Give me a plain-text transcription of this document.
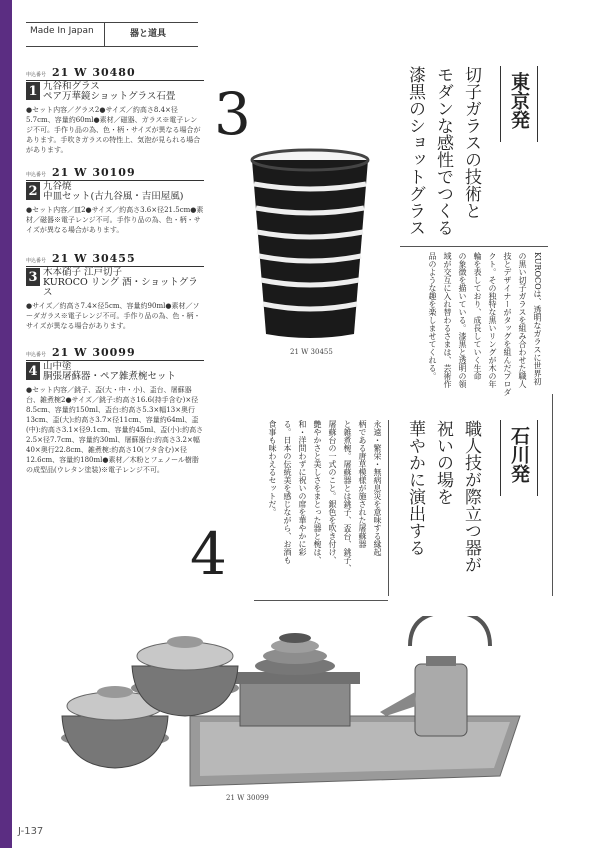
Made In Japan	器と道具
申込番号 21 W 30480
1 九谷和グラス
ペア万華鏡ショットグラス石畳
●セット内容／グラス2●サイズ／約高さ8.4×径5.7cm、容量約60ml●素材／磁器、ガラス※電子レンジ不可。手作り品の為、色・柄・サイズが異なる場合があります。手吹きガラスの特性上、気泡が見られる場合があります。
申込番号 21 W 30109
2 九谷焼
中皿セット(古九谷風・吉田屋風)
●セット内容／皿2●サイズ／約高さ3.6×径21.5cm●素材／磁器※電子レンジ不可。手作り品の為、色・柄・サイズが異なる場合があります。
申込番号 21 W 30455
3 木本硝子 江戸切子
KUROCO リング 酒・ショットグラス
●サイズ／約高さ7.4×径5cm、容量約90ml●素材／ソーダガラス※電子レンジ不可。手作り品の為、色・柄・サイズが異なる場合があります。
申込番号 21 W 30099
4 山中塗
胴張屠蘇器・ペア雑煮椀セット
●セット内容／銚子、盃(大・中・小)、盃台、屠蘇器台、雑煮椀2●サイズ／銚子:約高さ16.6(持手含む)×径8.5cm、容量約150ml、盃台:約高さ5.3×幅13×奥行13cm、盃(大):約高さ3.7×径11cm、容量約64ml、盃(中):約高さ3.1×径9.1cm、容量約45ml、盃(小):約高さ2.5×径7.7cm、容量約30ml、屠蘇器台:約高さ3.2×幅40×奥行22.8cm、雑煮椀:約高さ10(フタ含む)×径12.6cm、容量約180ml●素材／木粉とフェノール樹脂の成型品(ウレタン塗装)※電子レンジ不可。
3	東京発
切子ガラスの技術と
モダンな感性でつくる
漆黒のショットグラス
KUROCOは、透明なガラスに世界初
の黒い切子ガラスを組み合わせた職人
技とデザイナーがタッグを組んだプロダ
クト。その独特な黒いリングが木の年
輪を表しており、成長していく生命
の象徴を描いている。漆黒と透明の領
域が交互に入れ替わるさまは、芸術作
品のような趣を楽しませてくれる。
21 W 30455
石川発
職人技が際立つ器が
祝いの場を
華やかに演出する
永遠・繁栄・無病息災を意味する縁起
柄である唐草模様が施された屠蘇器
と雑煮椀。屠蘇器とは銚子、盃台、銚子、
屠蘇台の一式のこと。銀色を吹き付け、
艶やかさと美しさをまとった器と椀は、
和・洋問わずに祝いの席を華やかに彩
る。日本の伝統美を感じながら、お酒も
食事も味わえるセットだ。
4
21 W 30099
J-137
